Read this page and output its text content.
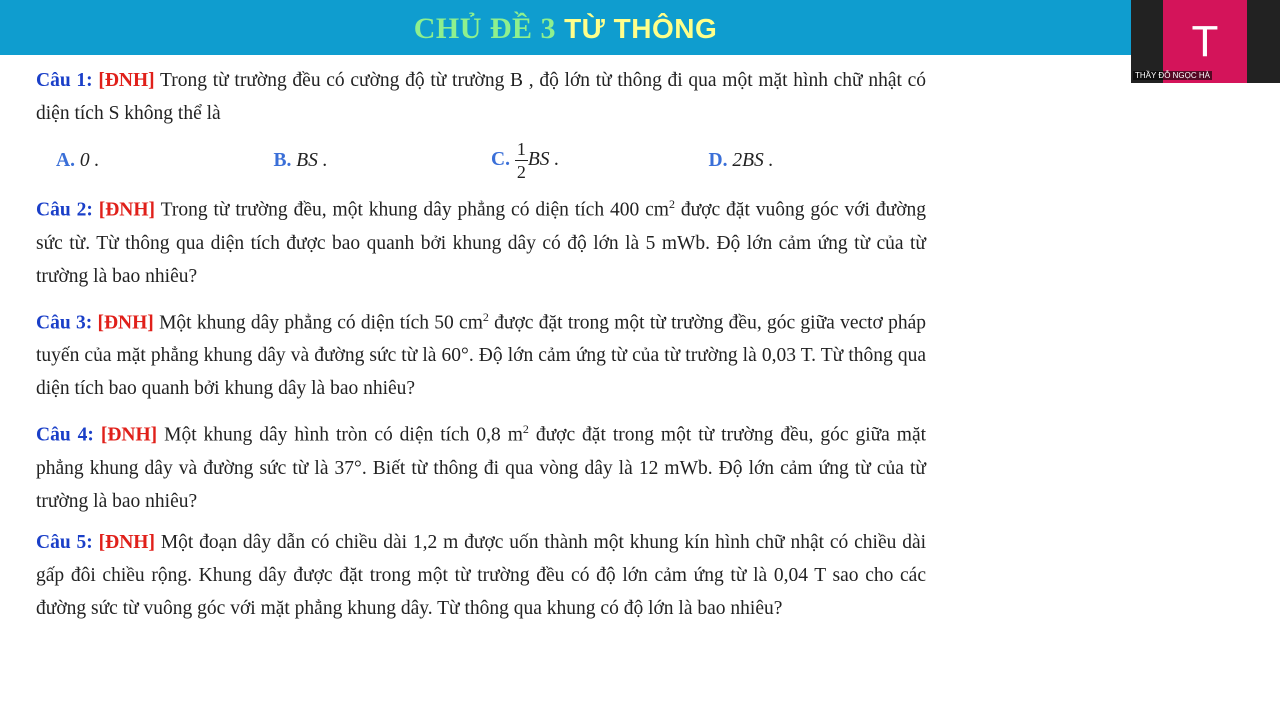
CHỦ ĐỀ 3 TỪ THÔNG	T
THẦY ĐỖ NGỌC HÀ
Câu 1: [ĐNH] Trong từ trường đều có cường độ từ trường B , độ lớn từ thông đi qua một mặt hình chữ nhật có diện tích S không thể là
A. 0 .	B. BS .	C. $\frac{1}{2}$ BS .	D. 2BS .
Câu 2: [ĐNH] Trong từ trường đều, một khung dây phẳng có diện tích 400 $cm^2$ được đặt vuông góc với đường sức từ. Từ thông qua diện tích được bao quanh bởi khung dây có độ lớn là 5 mWb. Độ lớn cảm ứng từ của từ trường là bao nhiêu?
Câu 3: [ĐNH] Một khung dây phẳng có diện tích 50 $cm^2$ được đặt trong một từ trường đều, góc giữa vectơ pháp tuyến của mặt phẳng khung dây và đường sức từ là 60°. Độ lớn cảm ứng từ của từ trường là 0,03 T. Từ thông qua diện tích bao quanh bởi khung dây là bao nhiêu?
Câu 4: [ĐNH] Một khung dây hình tròn có diện tích 0,8 $m^2$ được đặt trong một từ trường đều, góc giữa mặt phẳng khung dây và đường sức từ là 37°. Biết từ thông đi qua vòng dây là 12 mWb. Độ lớn cảm ứng từ của từ trường là bao nhiêu?
Câu 5: [ĐNH] Một đoạn dây dẫn có chiều dài 1,2 m được uốn thành một khung kín hình chữ nhật có chiều dài gấp đôi chiều rộng. Khung dây được đặt trong một từ trường đều có độ lớn cảm ứng từ là 0,04 T sao cho các đường sức từ vuông góc với mặt phẳng khung dây. Từ thông qua khung có độ lớn là bao nhiêu?
